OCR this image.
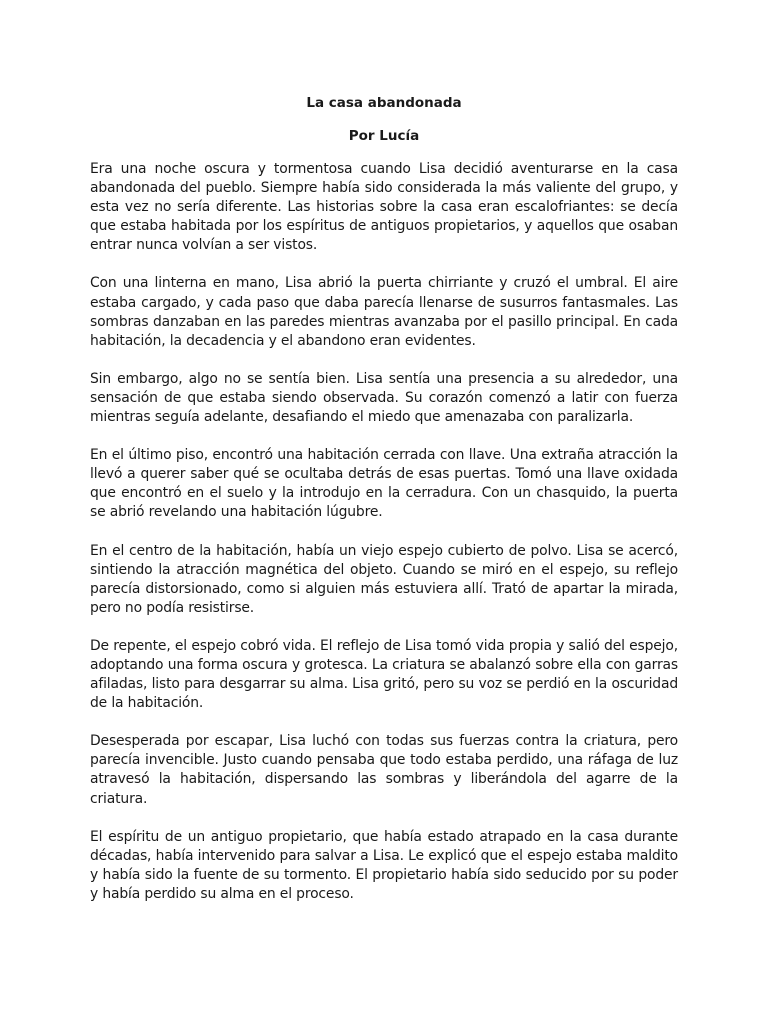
La casa abandonada

Por Lucía

Era una noche oscura y tormentosa cuando Lisa decidió aventurarse en la casa abandonada del pueblo. Siempre había sido considerada la más valiente del grupo, y esta vez no sería diferente. Las historias sobre la casa eran escalofriantes: se decía que estaba habitada por los espíritus de antiguos propietarios, y aquellos que osaban entrar nunca volvían a ser vistos.

Con una linterna en mano, Lisa abrió la puerta chirriante y cruzó el umbral. El aire estaba cargado, y cada paso que daba parecía llenarse de susurros fantasmales. Las sombras danzaban en las paredes mientras avanzaba por el pasillo principal. En cada habitación, la decadencia y el abandono eran evidentes.

Sin embargo, algo no se sentía bien. Lisa sentía una presencia a su alrededor, una sensación de que estaba siendo observada. Su corazón comenzó a latir con fuerza mientras seguía adelante, desafiando el miedo que amenazaba con paralizarla.

En el último piso, encontró una habitación cerrada con llave. Una extraña atracción la llevó a querer saber qué se ocultaba detrás de esas puertas. Tomó una llave oxidada que encontró en el suelo y la introdujo en la cerradura. Con un chasquido, la puerta se abrió revelando una habitación lúgubre.

En el centro de la habitación, había un viejo espejo cubierto de polvo. Lisa se acercó, sintiendo la atracción magnética del objeto. Cuando se miró en el espejo, su reflejo parecía distorsionado, como si alguien más estuviera allí. Trató de apartar la mirada, pero no podía resistirse.

De repente, el espejo cobró vida. El reflejo de Lisa tomó vida propia y salió del espejo, adoptando una forma oscura y grotesca. La criatura se abalanzó sobre ella con garras afiladas, listo para desgarrar su alma. Lisa gritó, pero su voz se perdió en la oscuridad de la habitación.

Desesperada por escapar, Lisa luchó con todas sus fuerzas contra la criatura, pero parecía invencible. Justo cuando pensaba que todo estaba perdido, una ráfaga de luz atravesó la habitación, dispersando las sombras y liberándola del agarre de la criatura.

El espíritu de un antiguo propietario, que había estado atrapado en la casa durante décadas, había intervenido para salvar a Lisa. Le explicó que el espejo estaba maldito y había sido la fuente de su tormento. El propietario había sido seducido por su poder y había perdido su alma en el proceso.
